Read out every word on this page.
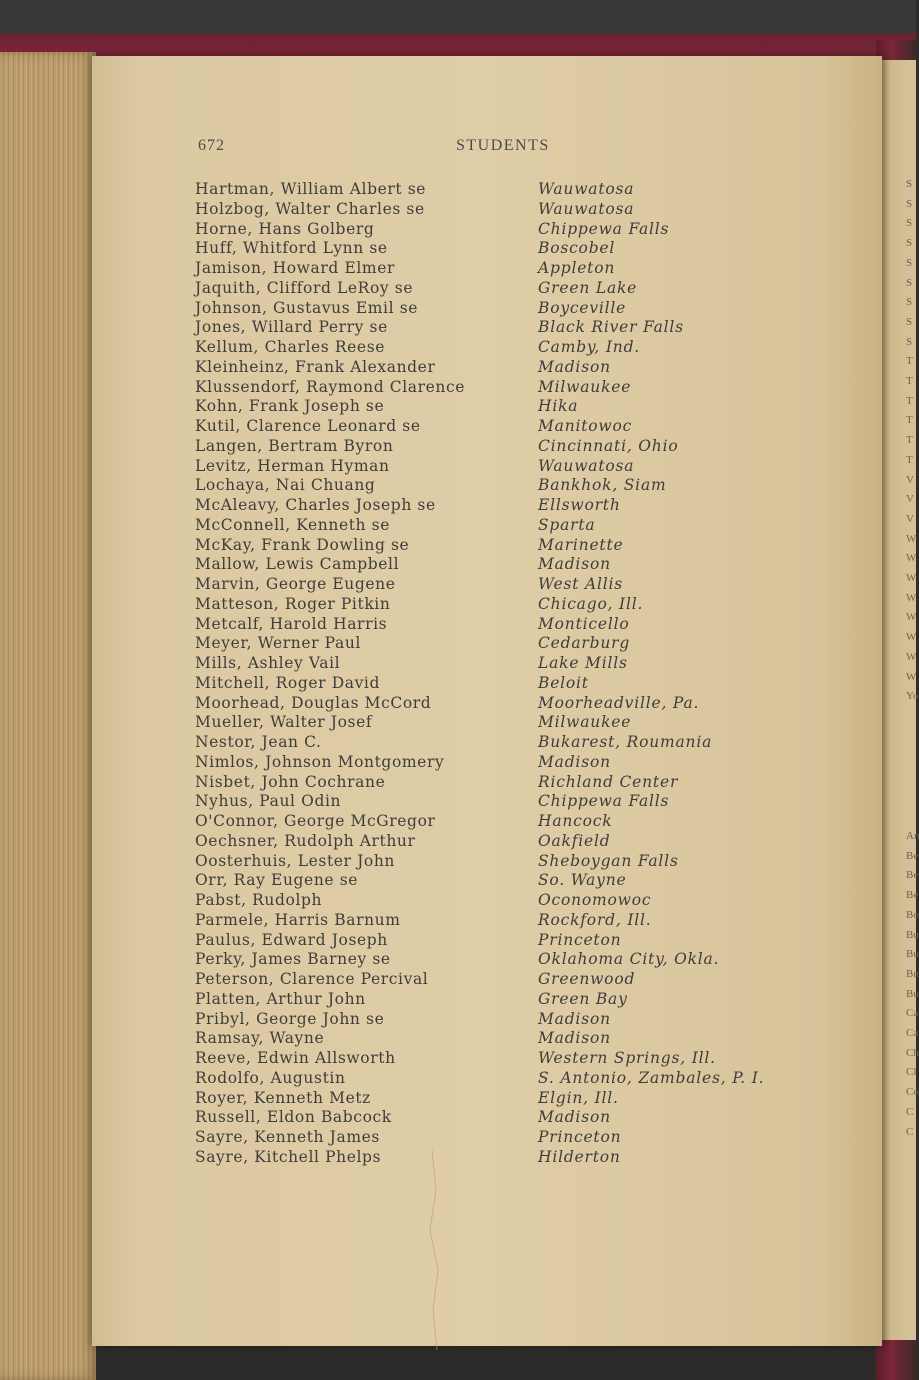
S
S
S
S
S
S
S
S
S
T
T
T
T
T
T
V
V
V
W
W
W
W
W
W
W
W
Yo
An
Be
Be
Be
Bo
Bu
Bu
Bu
Bu
Ca
Ca
Ch
Cl
Co
C
C
672	STUDENTS
Hartman, William Albert se	Wauwatosa
Holzbog, Walter Charles se	Wauwatosa
Horne, Hans Golberg	Chippewa Falls
Huff, Whitford Lynn se	Boscobel
Jamison, Howard Elmer	Appleton
Jaquith, Clifford LeRoy se	Green Lake
Johnson, Gustavus Emil se	Boyceville
Jones, Willard Perry se	Black River Falls
Kellum, Charles Reese	Camby, Ind.
Kleinheinz, Frank Alexander	Madison
Klussendorf, Raymond Clarence	Milwaukee
Kohn, Frank Joseph se	Hika
Kutil, Clarence Leonard se	Manitowoc
Langen, Bertram Byron	Cincinnati, Ohio
Levitz, Herman Hyman	Wauwatosa
Lochaya, Nai Chuang	Bankhok, Siam
McAleavy, Charles Joseph se	Ellsworth
McConnell, Kenneth se	Sparta
McKay, Frank Dowling se	Marinette
Mallow, Lewis Campbell	Madison
Marvin, George Eugene	West Allis
Matteson, Roger Pitkin	Chicago, Ill.
Metcalf, Harold Harris	Monticello
Meyer, Werner Paul	Cedarburg
Mills, Ashley Vail	Lake Mills
Mitchell, Roger David	Beloit
Moorhead, Douglas McCord	Moorheadville, Pa.
Mueller, Walter Josef	Milwaukee
Nestor, Jean C.	Bukarest, Roumania
Nimlos, Johnson Montgomery	Madison
Nisbet, John Cochrane	Richland Center
Nyhus, Paul Odin	Chippewa Falls
O'Connor, George McGregor	Hancock
Oechsner, Rudolph Arthur	Oakfield
Oosterhuis, Lester John	Sheboygan Falls
Orr, Ray Eugene se	So. Wayne
Pabst, Rudolph	Oconomowoc
Parmele, Harris Barnum	Rockford, Ill.
Paulus, Edward Joseph	Princeton
Perky, James Barney se	Oklahoma City, Okla.
Peterson, Clarence Percival	Greenwood
Platten, Arthur John	Green Bay
Pribyl, George John se	Madison
Ramsay, Wayne	Madison
Reeve, Edwin Allsworth	Western Springs, Ill.
Rodolfo, Augustin	S. Antonio, Zambales, P. I.
Royer, Kenneth Metz	Elgin, Ill.
Russell, Eldon Babcock	Madison
Sayre, Kenneth James	Princeton
Sayre, Kitchell Phelps	Hilderton
